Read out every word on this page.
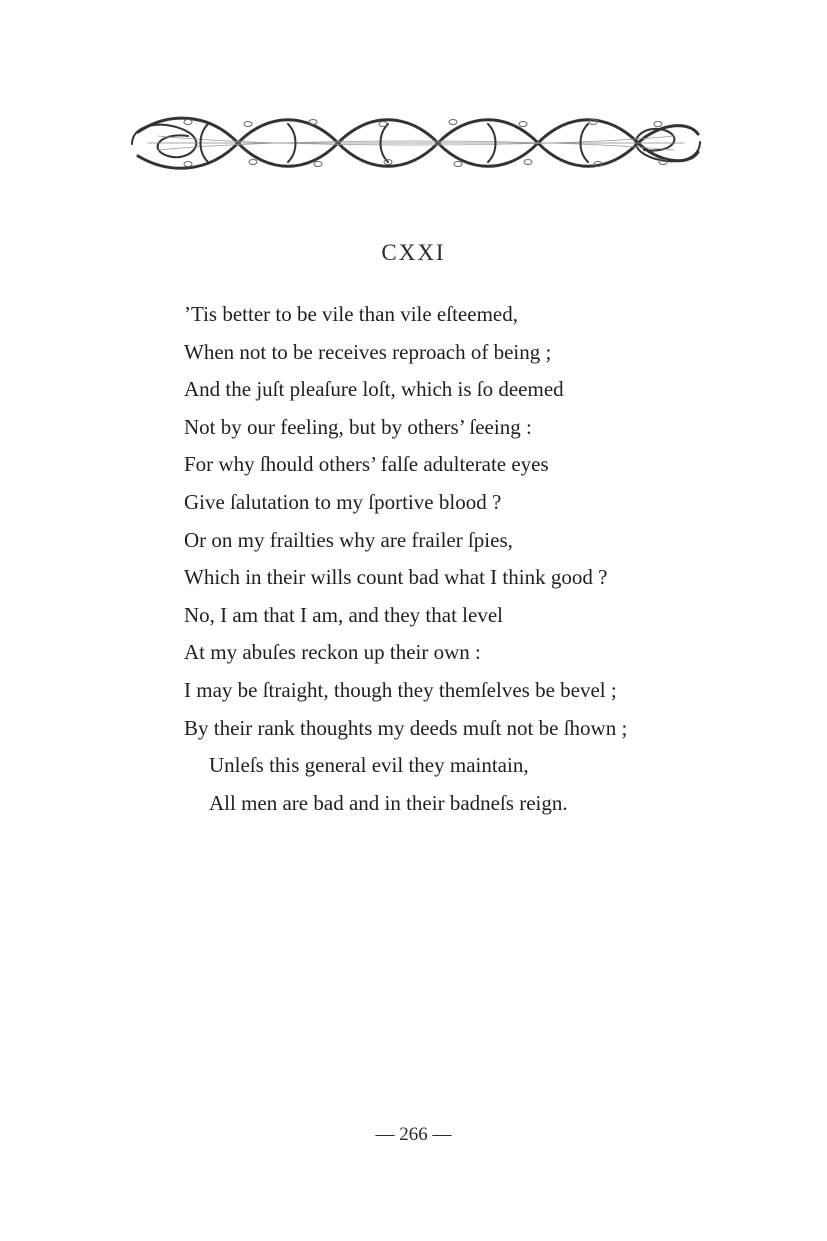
CXXI
’Tis better to be vile than vile eſteemed,
When not to be receives reproach of being ;
And the juſt pleaſure loſt, which is ſo deemed
Not by our feeling, but by others’ ſeeing :
For why ſhould others’ falſe adulterate eyes
Give ſalutation to my ſportive blood ?
Or on my frailties why are frailer ſpies,
Which in their wills count bad what I think good ?
No, I am that I am, and they that level
At my abuſes reckon up their own :
I may be ſtraight, though they themſelves be bevel ;
By their rank thoughts my deeds muſt not be ſhown ;
Unleſs this general evil they maintain,
All men are bad and in their badneſs reign.
— 266 —
